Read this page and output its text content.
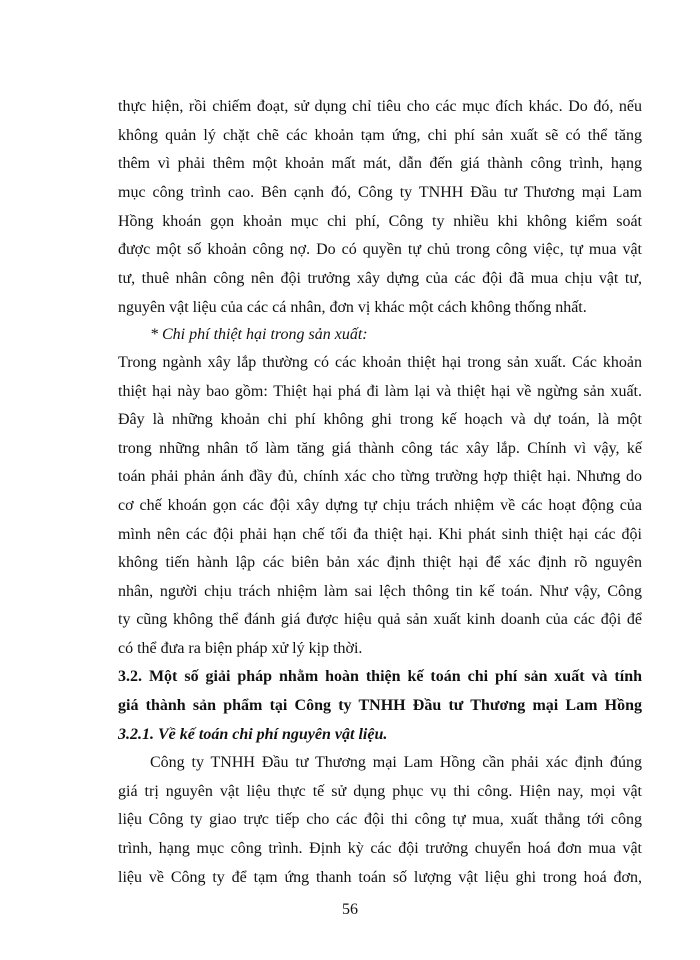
thực hiện, rồi chiếm đoạt, sử dụng chỉ tiêu cho các mục đích khác. Do đó, nếu
không quản lý chặt chẽ các khoản tạm ứng, chi phí sản xuất sẽ có thể tăng
thêm vì phải thêm một khoản mất mát, dẫn đến giá thành công trình, hạng
mục công trình cao. Bên cạnh đó, Công ty TNHH Đầu tư Thương mại Lam
Hồng khoán gọn khoản mục chi phí, Công ty nhiều khi không kiểm soát
được một số khoản công nợ. Do có quyền tự chủ trong công việc, tự mua vật
tư, thuê nhân công nên đội trưởng xây dựng của các đội đã mua chịu vật tư,
nguyên vật liệu của các cá nhân, đơn vị khác một cách không thống nhất.
* Chi phí thiệt hại trong sản xuất:
Trong ngành xây lắp thường có các khoản thiệt hại trong sản xuất. Các khoản
thiệt hại này bao gồm: Thiệt hại phá đi làm lại và thiệt hại về ngừng sản xuất.
Đây là những khoản chi phí không ghi trong kế hoạch và dự toán, là một
trong những nhân tố làm tăng giá thành công tác xây lắp. Chính vì vậy, kế
toán phải phản ánh đầy đủ, chính xác cho từng trường hợp thiệt hại. Nhưng do
cơ chế khoán gọn các đội xây dựng tự chịu trách nhiệm về các hoạt động của
mình nên các đội phải hạn chế tối đa thiệt hại. Khi phát sinh thiệt hại các đội
không tiến hành lập các biên bản xác định thiệt hại để xác định rõ nguyên
nhân, người chịu trách nhiệm làm sai lệch thông tin kế toán. Như vậy, Công
ty cũng không thể đánh giá được hiệu quả sản xuất kinh doanh của các đội để
có thể đưa ra biện pháp xử lý kịp thời.
3.2. Một số giải pháp nhằm hoàn thiện kế toán chi phí sản xuất và tính
giá thành sản phẩm tại Công ty TNHH Đầu tư Thương mại Lam Hồng
3.2.1. Về kế toán chi phí nguyên vật liệu.
Công ty TNHH Đầu tư Thương mại Lam Hồng cần phải xác định đúng
giá trị nguyên vật liệu thực tế sử dụng phục vụ thi công. Hiện nay, mọi vật
liệu Công ty giao trực tiếp cho các đội thi công tự mua, xuất thẳng tới công
trình, hạng mục công trình. Định kỳ các đội trưởng chuyển hoá đơn mua vật
liệu về Công ty để tạm ứng thanh toán số lượng vật liệu ghi trong hoá đơn,
56
